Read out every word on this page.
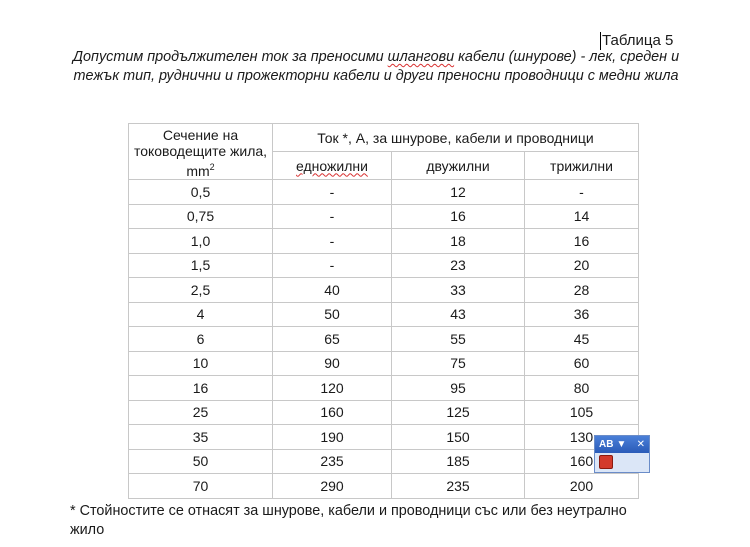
Таблица 5
Допустим продължителен ток за преносими шлангови кабели (шнурове) - лек, среден и тежък тип, руднични и прожекторни кабели и други преносни проводници с медни жила
Сечение на тоководещите жила, $mm^2$	Ток *, А, за шнурове, кабели и проводници		
	едножилни	двужилни	трижилни
0,5	-	12	-
0,75	-	16	14
1,0	-	18	16
1,5	-	23	20
2,5	40	33	28
4	50	43	36
6	65	55	45
10	90	75	60
16	120	95	80
25	160	125	105
35	190	150	130
50	235	185	160
70	290	235	200
* Стойностите се отнасят за шнурове, кабели и проводници със или без неутрално жило
AB ▼ ✕
